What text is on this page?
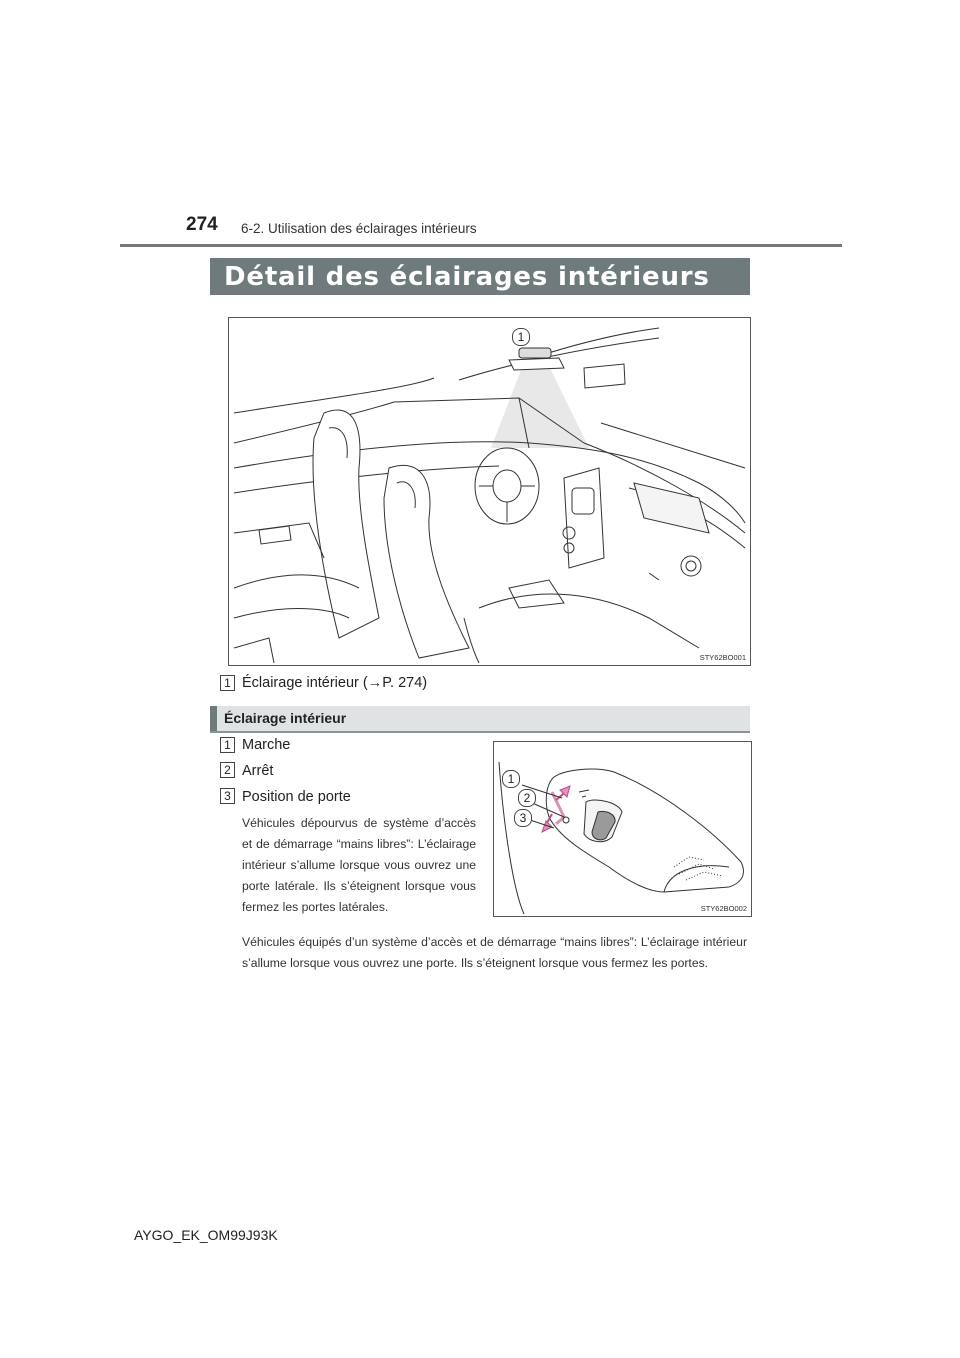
274 6-2. Utilisation des éclairages intérieurs
Détail des éclairages intérieurs
1
STY62BO001
1 Éclairage intérieur (→P. 274)
Éclairage intérieur
1 Marche
2 Arrêt
3 Position de porte
1
2
3
STY62BO002
Véhicules dépourvus de système d’accès et de démarrage “mains libres”: L’éclairage intérieur s’allume lorsque vous ouvrez une porte latérale. Ils s’éteignent lorsque vous fermez les portes latérales.
Véhicules équipés d’un système d’accès et de démarrage “mains libres”: L’éclairage intérieur s’allume lorsque vous ouvrez une porte. Ils s’éteignent lorsque vous fermez les portes.
AYGO_EK_OM99J93K
